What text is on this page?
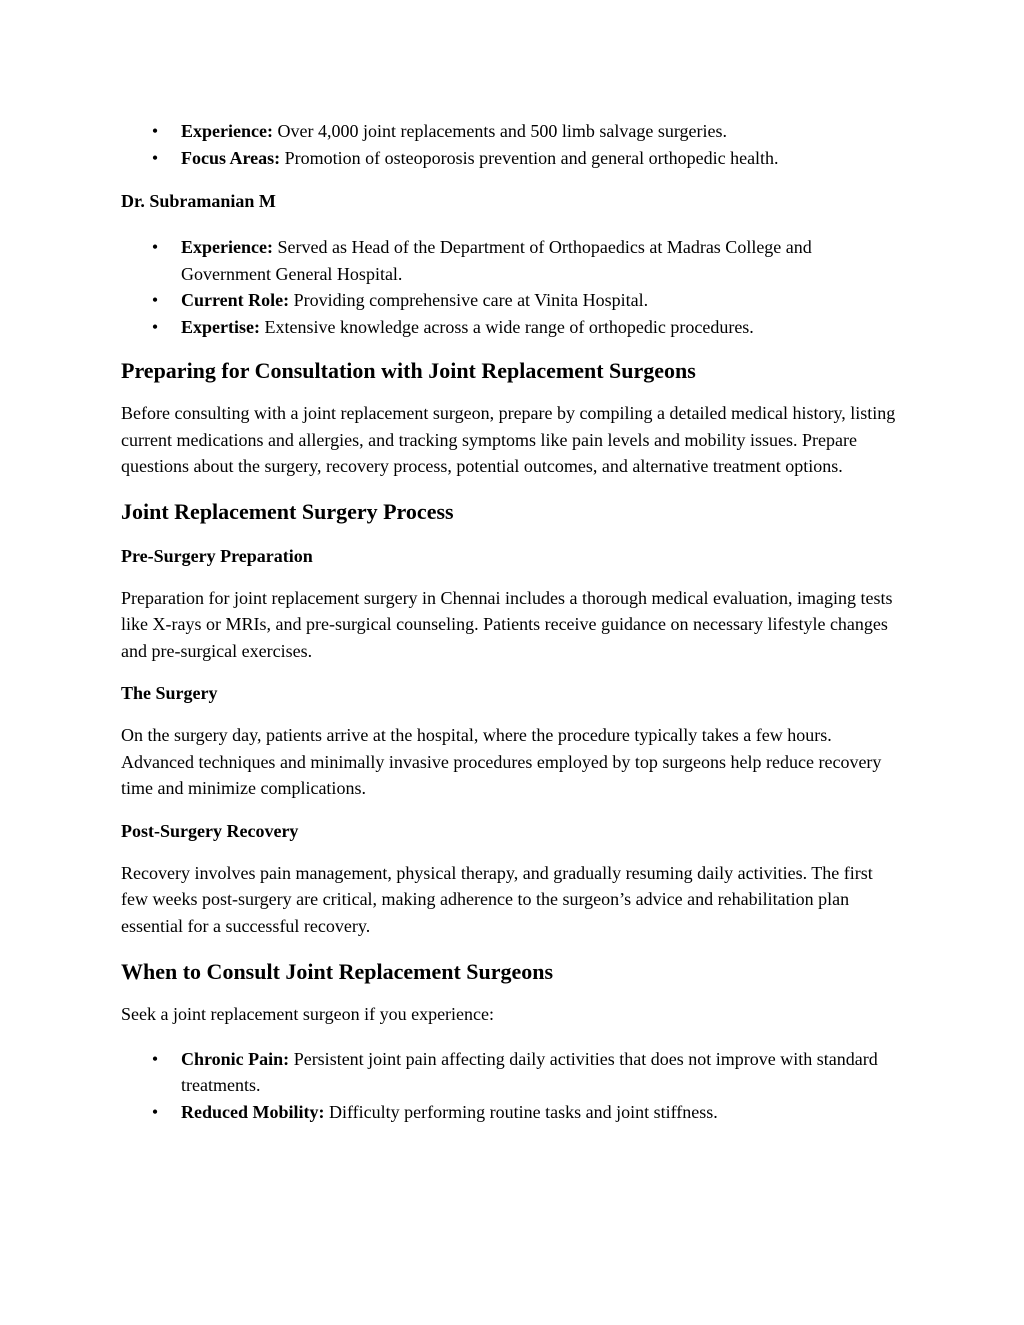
• Experience: Over 4,000 joint replacements and 500 limb salvage surgeries.
• Focus Areas: Promotion of osteoporosis prevention and general orthopedic health.
Dr. Subramanian M
• Experience: Served as Head of the Department of Orthopaedics at Madras College and Government General Hospital.
• Current Role: Providing comprehensive care at Vinita Hospital.
• Expertise: Extensive knowledge across a wide range of orthopedic procedures.
Preparing for Consultation with Joint Replacement Surgeons

Before consulting with a joint replacement surgeon, prepare by compiling a detailed medical history, listing current medications and allergies, and tracking symptoms like pain levels and mobility issues. Prepare questions about the surgery, recovery process, potential outcomes, and alternative treatment options.

Joint Replacement Surgery Process
Pre-Surgery Preparation

Preparation for joint replacement surgery in Chennai includes a thorough medical evaluation, imaging tests like X-rays or MRIs, and pre-surgical counseling. Patients receive guidance on necessary lifestyle changes and pre-surgical exercises.

The Surgery

On the surgery day, patients arrive at the hospital, where the procedure typically takes a few hours. Advanced techniques and minimally invasive procedures employed by top surgeons help reduce recovery time and minimize complications.

Post-Surgery Recovery

Recovery involves pain management, physical therapy, and gradually resuming daily activities. The first few weeks post-surgery are critical, making adherence to the surgeon’s advice and rehabilitation plan essential for a successful recovery.

When to Consult Joint Replacement Surgeons

Seek a joint replacement surgeon if you experience:

• Chronic Pain: Persistent joint pain affecting daily activities that does not improve with standard treatments.
• Reduced Mobility: Difficulty performing routine tasks and joint stiffness.
